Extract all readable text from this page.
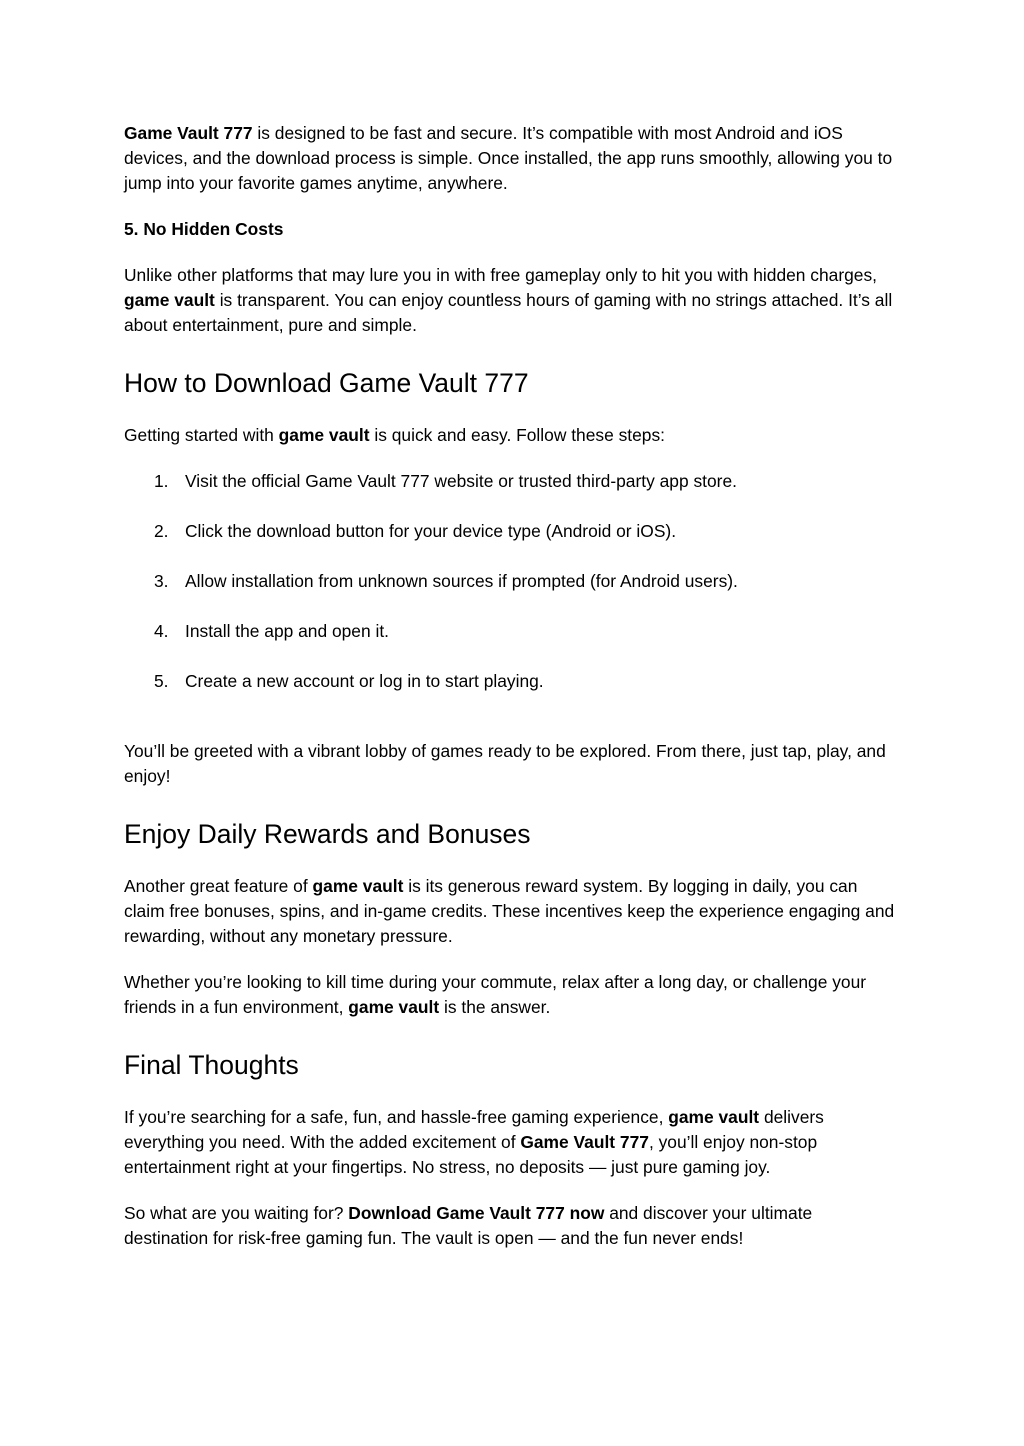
Game Vault 777 is designed to be fast and secure. It’s compatible with most Android and iOS devices, and the download process is simple. Once installed, the app runs smoothly, allowing you to jump into your favorite games anytime, anywhere.

5. No Hidden Costs

Unlike other platforms that may lure you in with free gameplay only to hit you with hidden charges, game vault is transparent. You can enjoy countless hours of gaming with no strings attached. It’s all about entertainment, pure and simple.

How to Download Game Vault 777

Getting started with game vault is quick and easy. Follow these steps:

1. Visit the official Game Vault 777 website or trusted third-party app store.
2. Click the download button for your device type (Android or iOS).
3. Allow installation from unknown sources if prompted (for Android users).
4. Install the app and open it.
5. Create a new account or log in to start playing.

You’ll be greeted with a vibrant lobby of games ready to be explored. From there, just tap, play, and enjoy!

Enjoy Daily Rewards and Bonuses

Another great feature of game vault is its generous reward system. By logging in daily, you can claim free bonuses, spins, and in-game credits. These incentives keep the experience engaging and rewarding, without any monetary pressure.

Whether you’re looking to kill time during your commute, relax after a long day, or challenge your friends in a fun environment, game vault is the answer.

Final Thoughts

If you’re searching for a safe, fun, and hassle-free gaming experience, game vault delivers everything you need. With the added excitement of Game Vault 777, you’ll enjoy non-stop entertainment right at your fingertips. No stress, no deposits — just pure gaming joy.

So what are you waiting for? Download Game Vault 777 now and discover your ultimate destination for risk-free gaming fun. The vault is open — and the fun never ends!
